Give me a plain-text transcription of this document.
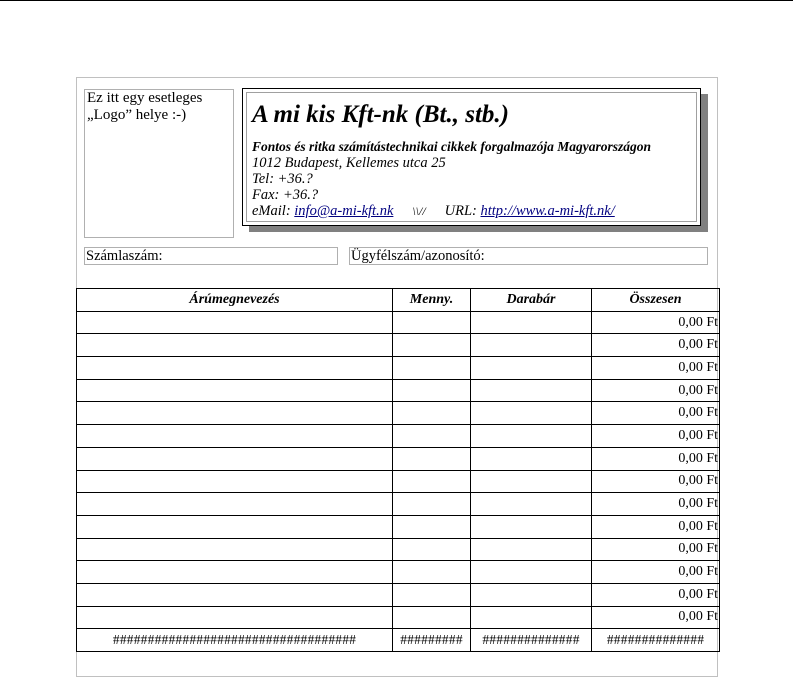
Ez itt egy esetleges
„Logo” helye :-)	A mi kis Kft-nk (Bt., stb.)
Fontos és ritka számítástechnikai cikkek forgalmazója Magyarországon
1012 Budapest, Kellemes utca 25
Tel: +36.?
Fax: +36.?
eMail: info@a-mi-kft.nk \\// URL: http://www.a-mi-kft.nk/
Számlaszám:	Ügyfélszám/azonosító:
Árúmegnevezés	Menny.	Darabár	Összesen
			0,00 Ft
			0,00 Ft
			0,00 Ft
			0,00 Ft
			0,00 Ft
			0,00 Ft
			0,00 Ft
			0,00 Ft
			0,00 Ft
			0,00 Ft
			0,00 Ft
			0,00 Ft
			0,00 Ft
			0,00 Ft
###################################	#########	##############	##############
